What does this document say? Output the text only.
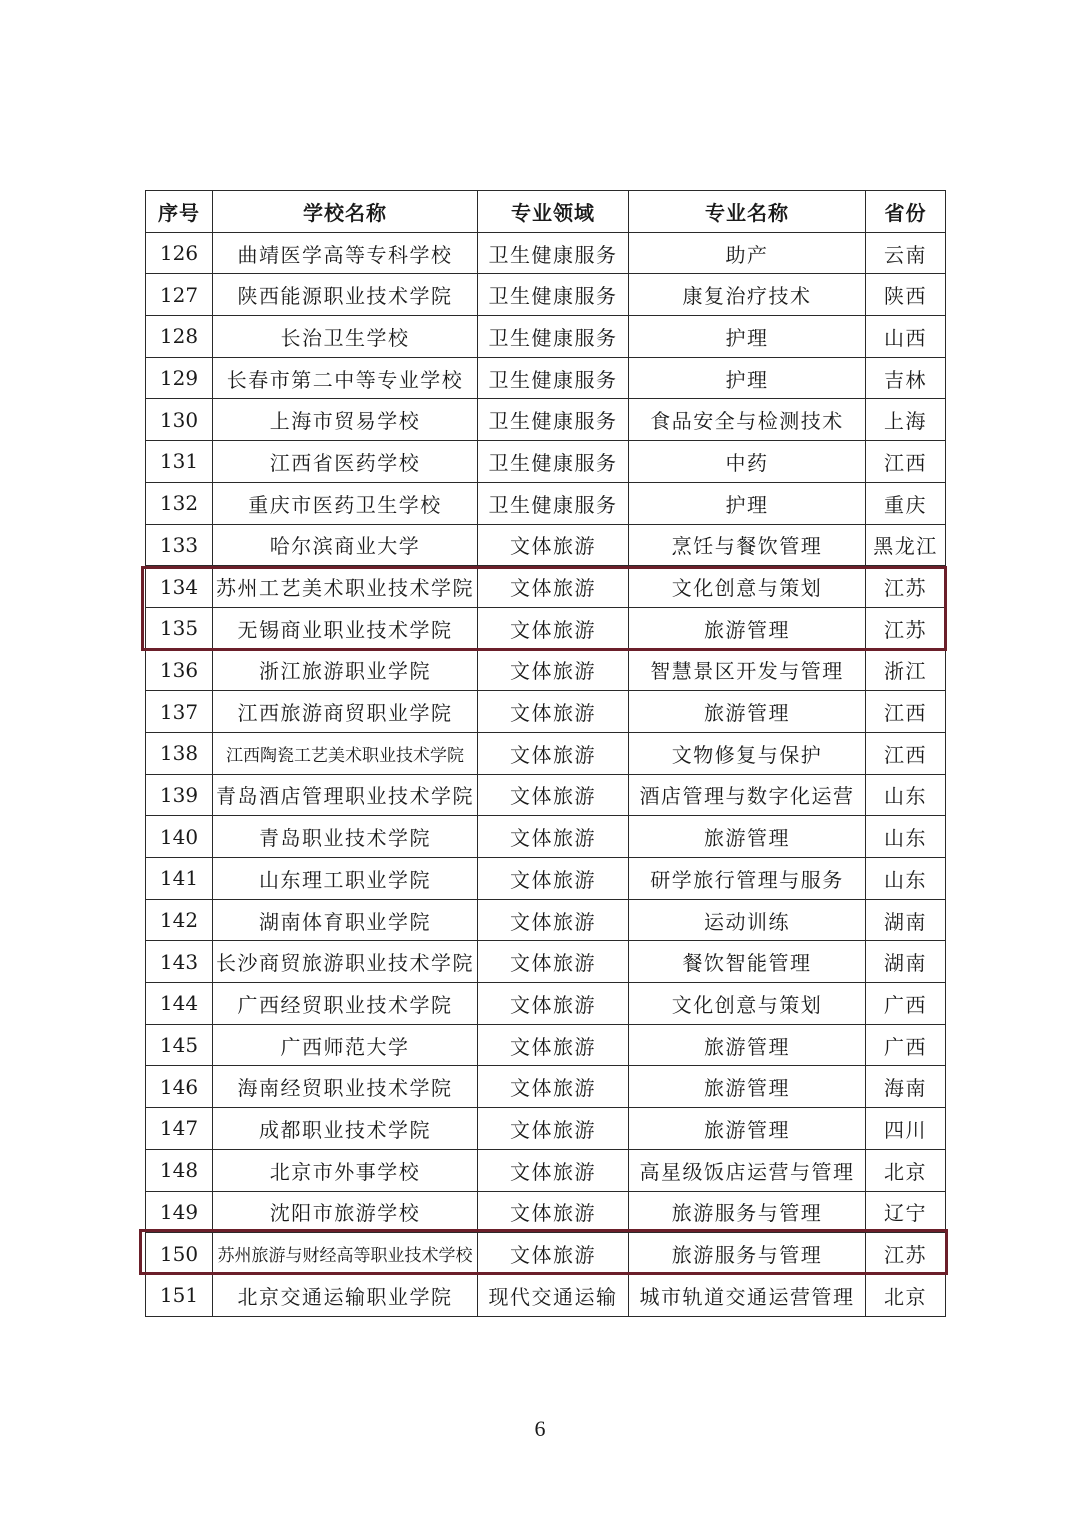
序号	学校名称	专业领域	专业名称	省份
126	曲靖医学高等专科学校	卫生健康服务	助产	云南
127	陕西能源职业技术学院	卫生健康服务	康复治疗技术	陕西
128	长治卫生学校	卫生健康服务	护理	山西
129	长春市第二中等专业学校	卫生健康服务	护理	吉林
130	上海市贸易学校	卫生健康服务	食品安全与检测技术	上海
131	江西省医药学校	卫生健康服务	中药	江西
132	重庆市医药卫生学校	卫生健康服务	护理	重庆
133	哈尔滨商业大学	文体旅游	烹饪与餐饮管理	黑龙江
134	苏州工艺美术职业技术学院	文体旅游	文化创意与策划	江苏
135	无锡商业职业技术学院	文体旅游	旅游管理	江苏
136	浙江旅游职业学院	文体旅游	智慧景区开发与管理	浙江
137	江西旅游商贸职业学院	文体旅游	旅游管理	江西
138	江西陶瓷工艺美术职业技术学院	文体旅游	文物修复与保护	江西
139	青岛酒店管理职业技术学院	文体旅游	酒店管理与数字化运营	山东
140	青岛职业技术学院	文体旅游	旅游管理	山东
141	山东理工职业学院	文体旅游	研学旅行管理与服务	山东
142	湖南体育职业学院	文体旅游	运动训练	湖南
143	长沙商贸旅游职业技术学院	文体旅游	餐饮智能管理	湖南
144	广西经贸职业技术学院	文体旅游	文化创意与策划	广西
145	广西师范大学	文体旅游	旅游管理	广西
146	海南经贸职业技术学院	文体旅游	旅游管理	海南
147	成都职业技术学院	文体旅游	旅游管理	四川
148	北京市外事学校	文体旅游	高星级饭店运营与管理	北京
149	沈阳市旅游学校	文体旅游	旅游服务与管理	辽宁
150	苏州旅游与财经高等职业技术学校	文体旅游	旅游服务与管理	江苏
151	北京交通运输职业学院	现代交通运输	城市轨道交通运营管理	北京
6
